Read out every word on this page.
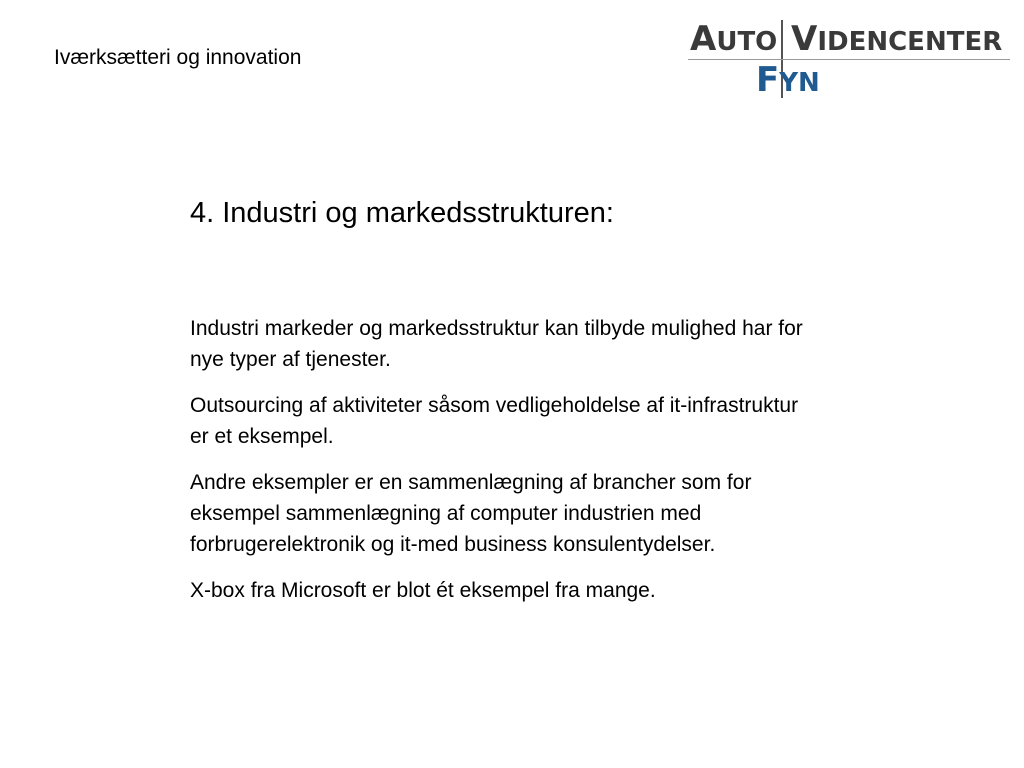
Iværksætteri og innovation	AUTO VIDENCENTER
FYN
4. Industri og markedsstrukturen:

Industri markeder og markedsstruktur kan tilbyde mulighed har for nye typer af tjenester.

Outsourcing af aktiviteter såsom vedligeholdelse af it-infrastruktur er et eksempel.

Andre eksempler er en sammenlægning af brancher som for eksempel sammenlægning af computer industrien med forbrugerelektronik og it-med business konsulentydelser.

X-box fra Microsoft er blot ét eksempel fra mange.
